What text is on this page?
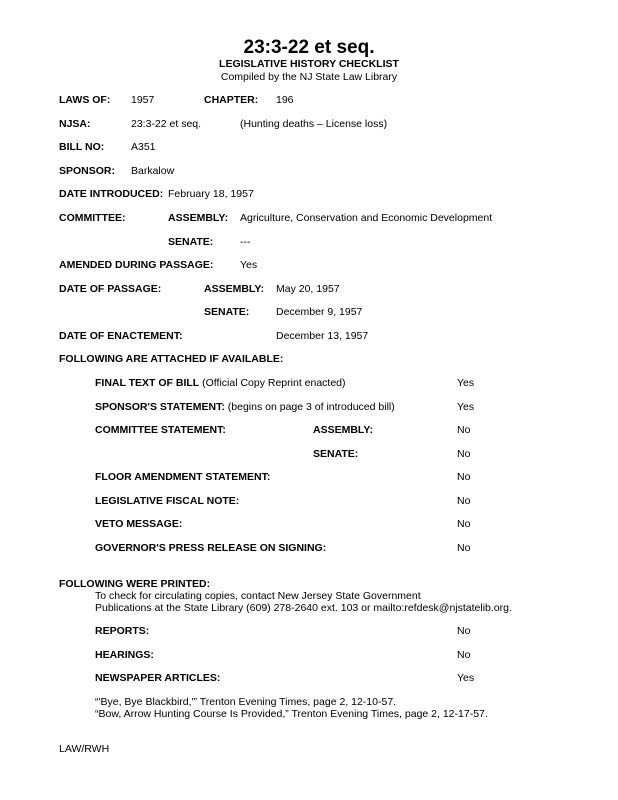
23:3-22 et seq.
LEGISLATIVE HISTORY CHECKLIST
Compiled by the NJ State Law Library
LAWS OF: 1957	CHAPTER: 196
NJSA:	23:3-22 et seq.	(Hunting deaths – License loss)
BILL NO:	A351
SPONSOR: Barkalow
DATE INTRODUCED: February 18, 1957
COMMITTEE:	ASSEMBLY: Agriculture, Conservation and Economic Development
SENATE:	---
AMENDED DURING PASSAGE:	Yes
DATE OF PASSAGE:	ASSEMBLY: May 20, 1957
SENATE:	December 9, 1957
DATE OF ENACTEMENT:	December 13, 1957
FOLLOWING ARE ATTACHED IF AVAILABLE:
FINAL TEXT OF BILL (Official Copy Reprint enacted)	Yes
SPONSOR'S STATEMENT: (begins on page 3 of introduced bill)	Yes
COMMITTEE STATEMENT:	ASSEMBLY:	No
SENATE:	No
FLOOR AMENDMENT STATEMENT:	No
LEGISLATIVE FISCAL NOTE:	No
VETO MESSAGE:	No
GOVERNOR'S PRESS RELEASE ON SIGNING:	No
FOLLOWING WERE PRINTED:
To check for circulating copies, contact New Jersey State Government
Publications at the State Library (609) 278-2640 ext. 103 or mailto:refdesk@njstatelib.org.
REPORTS:	No
HEARINGS:	No
NEWSPAPER ARTICLES:	Yes
“'Bye, Bye Blackbird,'” Trenton Evening Times, page 2, 12-10-57.
“Bow, Arrow Hunting Course Is Provided,” Trenton Evening Times, page 2, 12-17-57.
LAW/RWH
